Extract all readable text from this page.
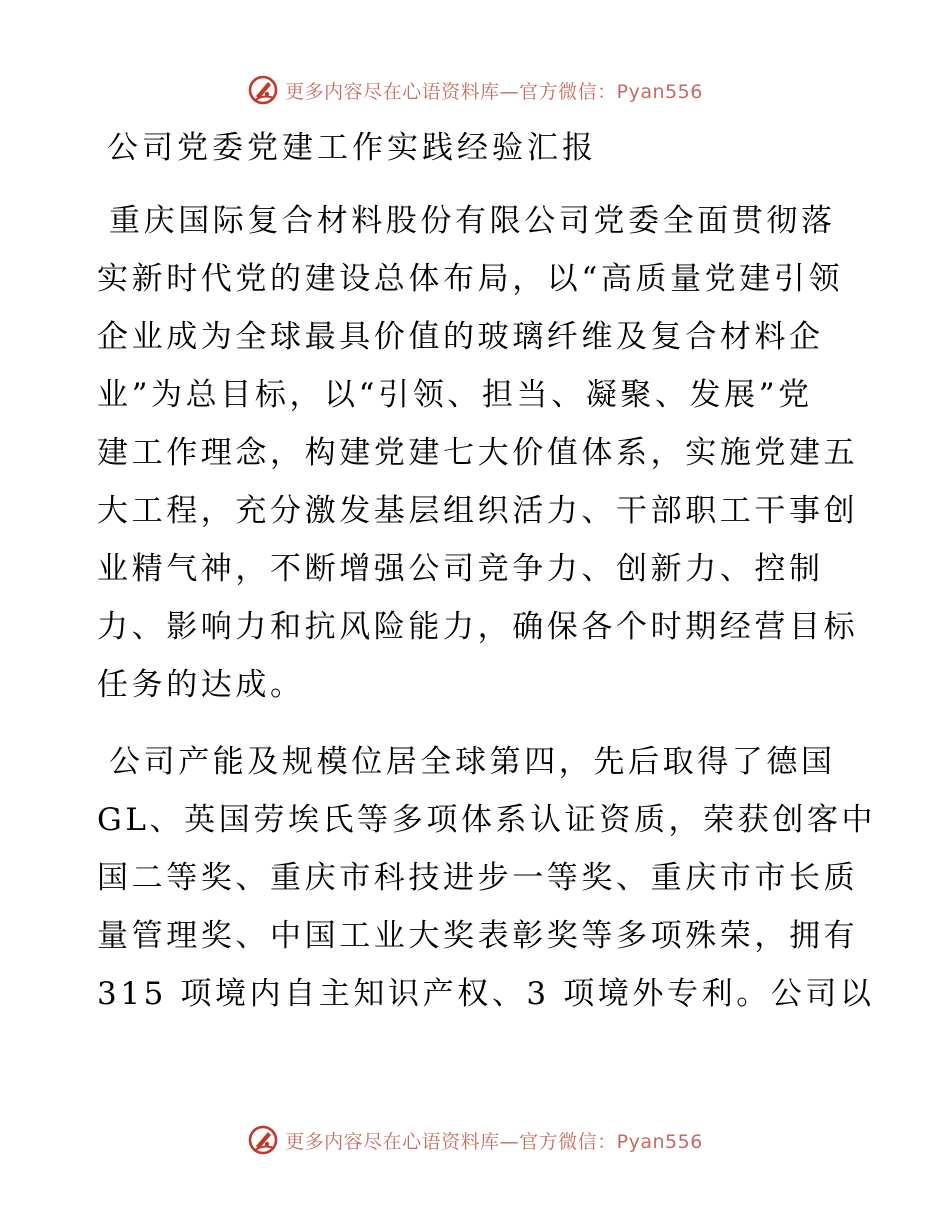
更多内容尽在心语资料库—官方微信：Pyan556
公司党委党建工作实践经验汇报
重庆国际复合材料股份有限公司党委全面贯彻落
实新时代党的建设总体布局，以“高质量党建引领
企业成为全球最具价值的玻璃纤维及复合材料企
业”为总目标，以“引领、担当、凝聚、发展”党
建工作理念，构建党建七大价值体系，实施党建五
大工程，充分激发基层组织活力、干部职工干事创
业精气神，不断增强公司竞争力、创新力、控制
力、影响力和抗风险能力，确保各个时期经营目标
任务的达成。
公司产能及规模位居全球第四，先后取得了德国
GL、英国劳埃氏等多项体系认证资质，荣获创客中
国二等奖、重庆市科技进步一等奖、重庆市市长质
量管理奖、中国工业大奖表彰奖等多项殊荣，拥有
315 项境内自主知识产权、3 项境外专利。公司以
更多内容尽在心语资料库—官方微信：Pyan556
